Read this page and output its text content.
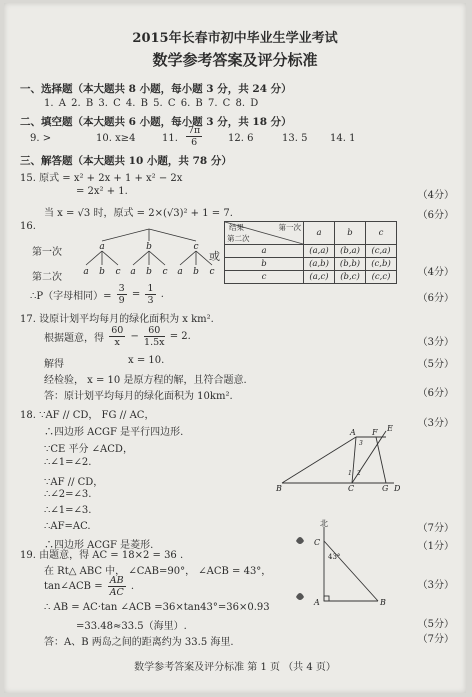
2015年长春市初中毕业生学业考试
数学参考答案及评分标准
一、选择题（本大题共 8 小题，每小题 3 分，共 24 分）
1. A 2. B 3. C 4. B 5. C 6. B 7. C 8. D
二、填空题（本大题共 6 小题，每小题 3 分，共 18 分）
9. >	10. x≥4	11. $\frac{7\pi}{6}$	12. 6	13. 5 14. 1
三、解答题（本大题共 10 小题，共 78 分）
15. 原式 = x² + 2x + 1 + x² − 2x
= 2x² + 1.	（4分）
当 x = √3 时，原式 = 2×(√3)² + 1 = 7.	（6分）
16.
第一次
第二次
a	b	c
a b c a b c a b c
或
结果 第一次
第二次	a	b	c
a	(a,a)	(b,a)	(c,a)
b	(a,b)	(b,b)	(c,b)
c	(a,c)	(b,c)	(c,c)	（4分）
∴P（字母相同）= $\frac{3}{9} = \frac{1}{3}$ .	（6分）
17. 设原计划平均每月的绿化面积为 x km².
根据题意，得 $\frac{60}{x} - \frac{60}{1.5x} = 2$.
（3分）
解得	x = 10.	（5分）
经检验， x = 10 是原方程的解，且符合题意.
答：原计划平均每月的绿化面积为 10km².	（6分）
18. ∵AF // CD， FG // AC，
（3分）
∴四边形 ACGF 是平行四边形.
∵CE 平分 ∠ACD，
∴∠1=∠2.
∵AF // CD，
∴∠2=∠3.
∴∠1=∠3.
∴AF=AC.
∴四边形 ACGF 是菱形.
（7分）
A F E
B	C	G D
1 2
3
19. 由题意，得 AC = 18×2 = 36 .
（1分）
在 Rt△ ABC 中， ∠CAB=90°， ∠ACB = 43°，
tan∠ACB = $\frac{AB}{AC}$ .	（3分）
∴ AB = AC·tan ∠ACB =36×tan43°=36×0.93
=33.48≈33.5（海里）.	（5分）
答：A、B 两岛之间的距离约为 33.5 海里.	（7分）
北
43°
C
A	B
数学参考答案及评分标准 第 1 页 （共 4 页）
